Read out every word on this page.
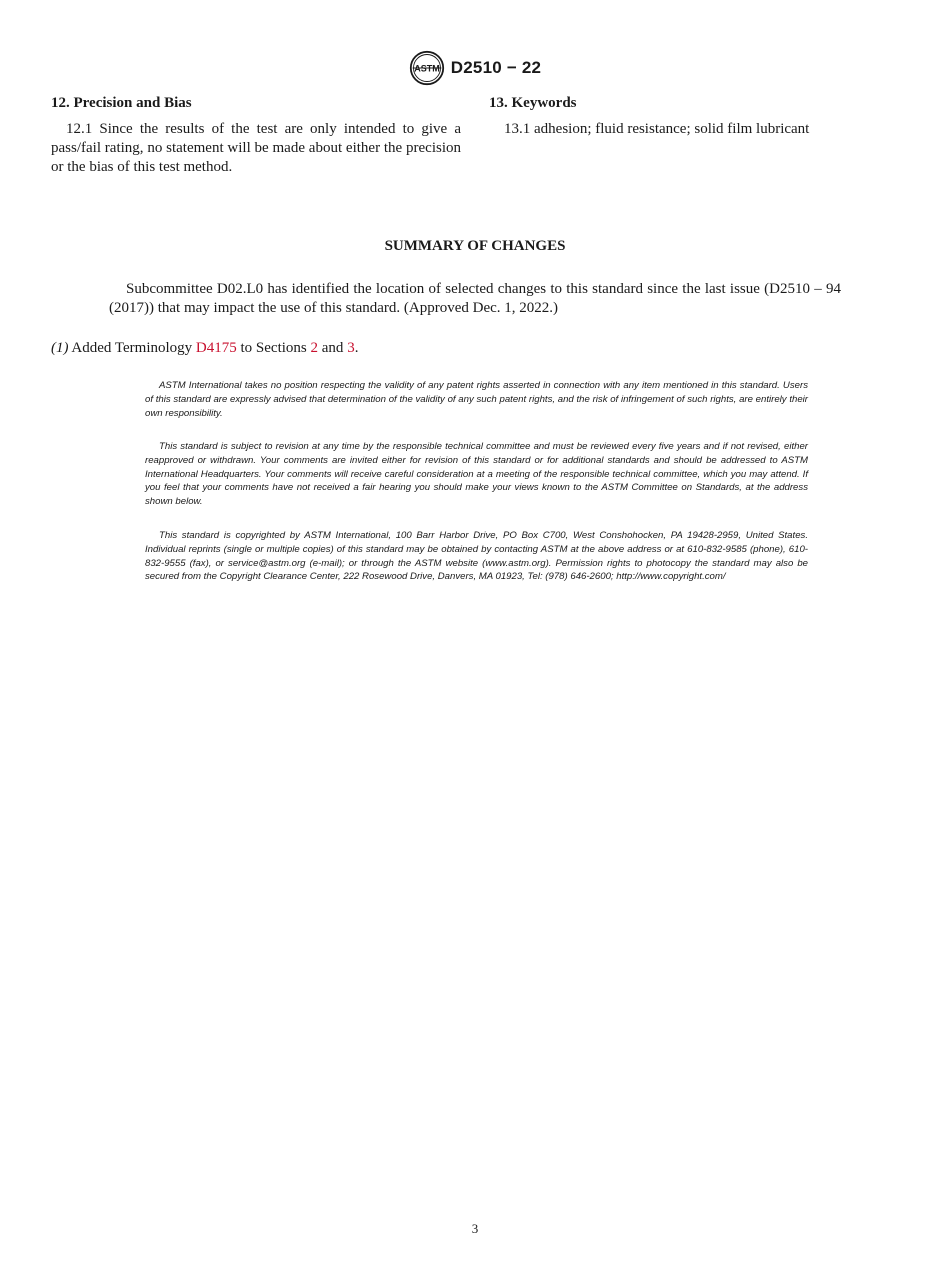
ASTM D2510 − 22

12. Precision and Bias

12.1 Since the results of the test are only intended to give a pass/fail rating, no statement will be made about either the precision or the bias of this test method.

13. Keywords

13.1 adhesion; fluid resistance; solid film lubricant

SUMMARY OF CHANGES

Subcommittee D02.L0 has identified the location of selected changes to this standard since the last issue (D2510 – 94 (2017)) that may impact the use of this standard. (Approved Dec. 1, 2022.)

(1) Added Terminology D4175 to Sections 2 and 3.

ASTM International takes no position respecting the validity of any patent rights asserted in connection with any item mentioned in this standard. Users of this standard are expressly advised that determination of the validity of any such patent rights, and the risk of infringement of such rights, are entirely their own responsibility.

This standard is subject to revision at any time by the responsible technical committee and must be reviewed every five years and if not revised, either reapproved or withdrawn. Your comments are invited either for revision of this standard or for additional standards and should be addressed to ASTM International Headquarters. Your comments will receive careful consideration at a meeting of the responsible technical committee, which you may attend. If you feel that your comments have not received a fair hearing you should make your views known to the ASTM Committee on Standards, at the address shown below.

This standard is copyrighted by ASTM International, 100 Barr Harbor Drive, PO Box C700, West Conshohocken, PA 19428-2959, United States. Individual reprints (single or multiple copies) of this standard may be obtained by contacting ASTM at the above address or at 610-832-9585 (phone), 610-832-9555 (fax), or service@astm.org (e-mail); or through the ASTM website (www.astm.org). Permission rights to photocopy the standard may also be secured from the Copyright Clearance Center, 222 Rosewood Drive, Danvers, MA 01923, Tel: (978) 646-2600; http://www.copyright.com/

3
